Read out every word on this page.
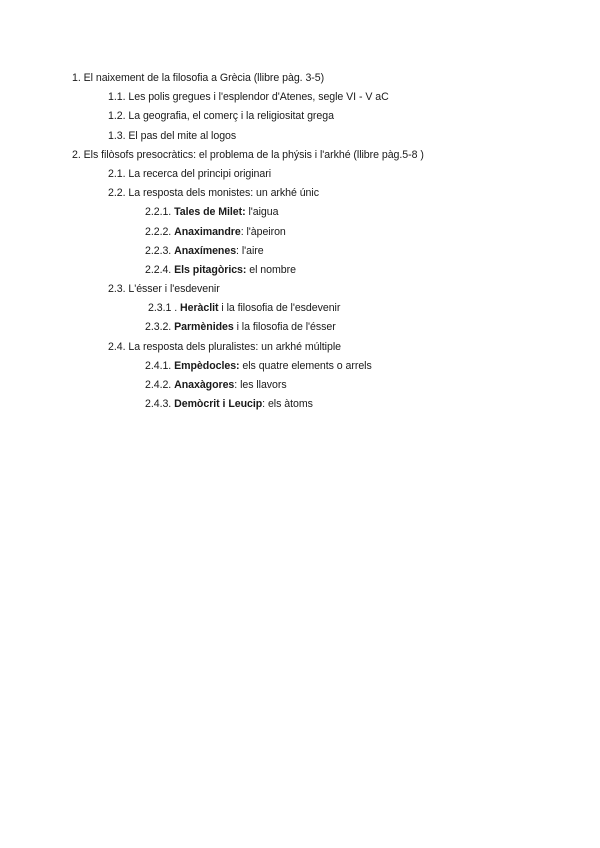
1. El naixement de la filosofia a Grècia (llibre pàg. 3-5)
1.1. Les polis gregues i l'esplendor d'Atenes, segle VI - V aC
1.2. La geografia, el comerç i la religiositat grega
1.3. El pas del mite al logos
2. Els filòsofs presocràtics: el problema de la phýsis i l'arkhé (llibre pàg.5-8 )
2.1. La recerca del principi originari
2.2. La resposta dels monistes: un arkhé únic
2.2.1. Tales de Milet: l'aigua
2.2.2. Anaximandre: l'àpeiron
2.2.3. Anaxímenes: l'aire
2.2.4. Els pitagòrics: el nombre
2.3. L'ésser i l'esdevenir
2.3.1 . Heràclit i la filosofia de l'esdevenir
2.3.2. Parmènides i la filosofia de l'ésser
2.4. La resposta dels pluralistes: un arkhé múltiple
2.4.1. Empèdocles: els quatre elements o arrels
2.4.2. Anaxàgores: les llavors
2.4.3. Demòcrit i Leucip: els àtoms
